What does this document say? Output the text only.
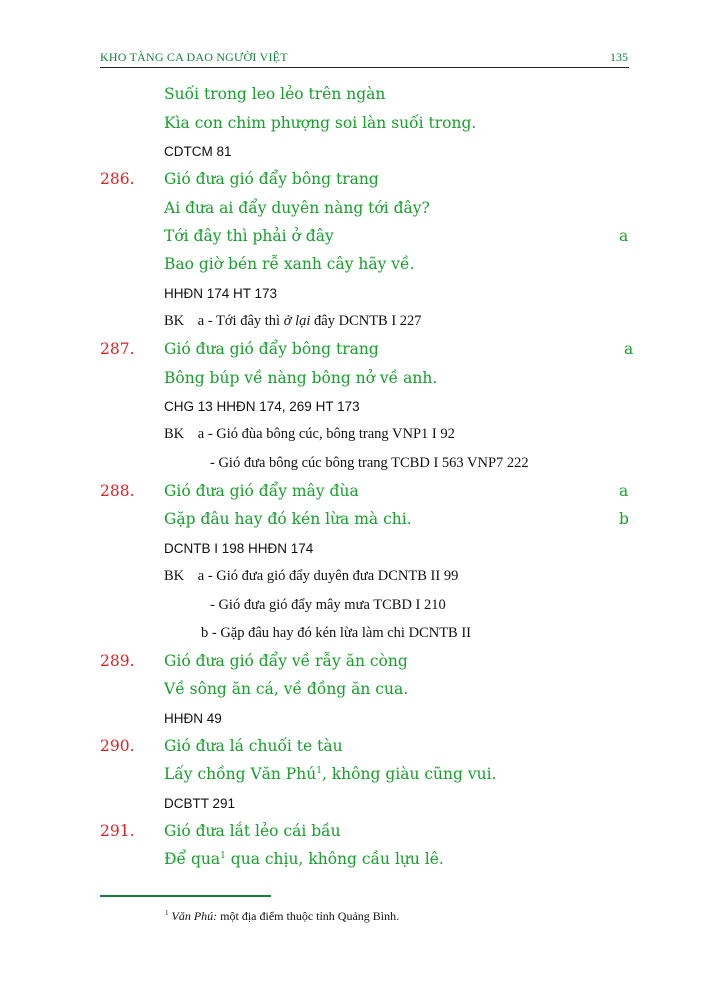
KHO TÀNG CA DAO NGƯỜI VIỆT	135
Suối trong leo lẻo trên ngàn
Kìa con chim phượng soi làn suối trong.
CDTCM 81
286. Gió đưa gió đẩy bông trang
Ai đưa ai đẩy duyên nàng tới đây?
Tới đây thì phải ở đây	a
Bao giờ bén rễ xanh cây hãy về.
HHĐN 174 HT 173
BK a - Tới đây thì ở lại đây DCNTB I 227
287. Gió đưa gió đẩy bông trang	a
Bông búp về nàng bông nở về anh.
CHG 13 HHĐN 174, 269 HT 173
BK a - Gió đùa bông cúc, bông trang VNP1 I 92
- Gió đưa bông cúc bông trang TCBD I 563 VNP7 222
288. Gió đưa gió đẩy mây đùa	a
Gặp đâu hay đó kén lừa mà chi.	b
DCNTB I 198 HHĐN 174
BK a - Gió đưa gió đẩy duyên đưa DCNTB II 99
- Gió đưa gió đẩy mây mưa TCBD I 210
b - Gặp đâu hay đó kén lừa làm chi DCNTB II
289. Gió đưa gió đẩy về rẫy ăn còng
Về sông ăn cá, về đồng ăn cua.
HHĐN 49
290. Gió đưa lá chuối te tàu
Lấy chồng Văn Phú$^1$, không giàu cũng vui.
DCBTT 291
291. Gió đưa lắt lẻo cái bầu
Để qua$^1$ qua chịu, không cầu lựu lê.
$^1$ Văn Phú: một địa điểm thuộc tỉnh Quảng Bình.
